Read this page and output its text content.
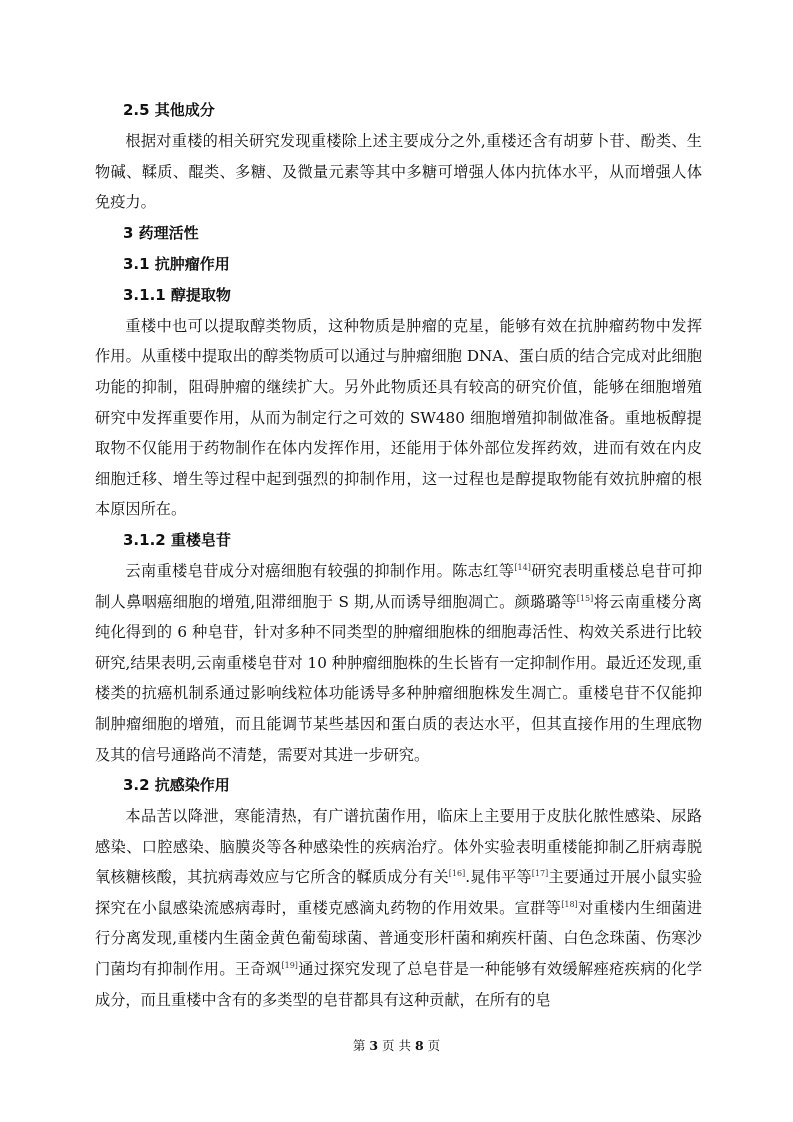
2.5 其他成分

根据对重楼的相关研究发现重楼除上述主要成分之外,重楼还含有胡萝卜苷、酚类、生物碱、鞣质、醌类、多糖、及微量元素等其中多糖可增强人体内抗体水平，从而增强人体免疫力。

3 药理活性
3.1 抗肿瘤作用
3.1.1 醇提取物

重楼中也可以提取醇类物质，这种物质是肿瘤的克星，能够有效在抗肿瘤药物中发挥作用。从重楼中提取出的醇类物质可以通过与肿瘤细胞 DNA、蛋白质的结合完成对此细胞功能的抑制，阻碍肿瘤的继续扩大。另外此物质还具有较高的研究价值，能够在细胞增殖研究中发挥重要作用，从而为制定行之可效的 SW480 细胞增殖抑制做准备。重地板醇提取物不仅能用于药物制作在体内发挥作用，还能用于体外部位发挥药效，进而有效在内皮细胞迁移、增生等过程中起到强烈的抑制作用，这一过程也是醇提取物能有效抗肿瘤的根本原因所在。

3.1.2 重楼皂苷

云南重楼皂苷成分对癌细胞有较强的抑制作用。陈志红等[14]研究表明重楼总皂苷可抑制人鼻咽癌细胞的增殖,阻滞细胞于 S 期,从而诱导细胞凋亡。颜璐璐等[15]将云南重楼分离纯化得到的 6 种皂苷，针对多种不同类型的肿瘤细胞株的细胞毒活性、构效关系进行比较研究,结果表明,云南重楼皂苷对 10 种肿瘤细胞株的生长皆有一定抑制作用。最近还发现,重楼类的抗癌机制系通过影响线粒体功能诱导多种肿瘤细胞株发生凋亡。重楼皂苷不仅能抑制肿瘤细胞的增殖，而且能调节某些基因和蛋白质的表达水平，但其直接作用的生理底物及其的信号通路尚不清楚，需要对其进一步研究。

3.2 抗感染作用

本品苦以降泄，寒能清热，有广谱抗菌作用，临床上主要用于皮肤化脓性感染、尿路感染、口腔感染、脑膜炎等各种感染性的疾病治疗。体外实验表明重楼能抑制乙肝病毒脱氧核糖核酸，其抗病毒效应与它所含的鞣质成分有关[16].晁伟平等[17]主要通过开展小鼠实验探究在小鼠感染流感病毒时，重楼克感滴丸药物的作用效果。宣群等[18]对重楼内生细菌进行分离发现,重楼内生菌金黄色葡萄球菌、普通变形杆菌和痢疾杆菌、白色念珠菌、伤寒沙门菌均有抑制作用。王奇飒[19]通过探究发现了总皂苷是一种能够有效缓解痤疮疾病的化学成分，而且重楼中含有的多类型的皂苷都具有这种贡献，在所有的皂

第 3 页 共 8 页
